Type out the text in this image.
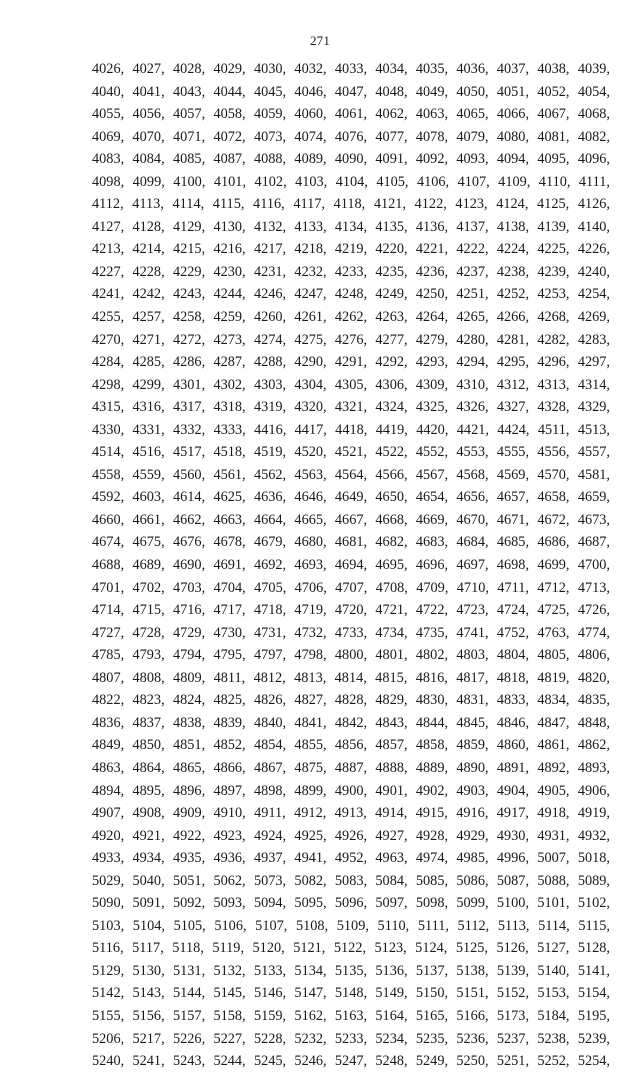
271
4026, 4027, 4028, 4029, 4030, 4032, 4033, 4034, 4035, 4036, 4037, 4038, 4039,
4040, 4041, 4043, 4044, 4045, 4046, 4047, 4048, 4049, 4050, 4051, 4052, 4054,
4055, 4056, 4057, 4058, 4059, 4060, 4061, 4062, 4063, 4065, 4066, 4067, 4068,
4069, 4070, 4071, 4072, 4073, 4074, 4076, 4077, 4078, 4079, 4080, 4081, 4082,
4083, 4084, 4085, 4087, 4088, 4089, 4090, 4091, 4092, 4093, 4094, 4095, 4096,
4098, 4099, 4100, 4101, 4102, 4103, 4104, 4105, 4106, 4107, 4109, 4110, 4111,
4112, 4113, 4114, 4115, 4116, 4117, 4118, 4121, 4122, 4123, 4124, 4125, 4126,
4127, 4128, 4129, 4130, 4132, 4133, 4134, 4135, 4136, 4137, 4138, 4139, 4140,
4213, 4214, 4215, 4216, 4217, 4218, 4219, 4220, 4221, 4222, 4224, 4225, 4226,
4227, 4228, 4229, 4230, 4231, 4232, 4233, 4235, 4236, 4237, 4238, 4239, 4240,
4241, 4242, 4243, 4244, 4246, 4247, 4248, 4249, 4250, 4251, 4252, 4253, 4254,
4255, 4257, 4258, 4259, 4260, 4261, 4262, 4263, 4264, 4265, 4266, 4268, 4269,
4270, 4271, 4272, 4273, 4274, 4275, 4276, 4277, 4279, 4280, 4281, 4282, 4283,
4284, 4285, 4286, 4287, 4288, 4290, 4291, 4292, 4293, 4294, 4295, 4296, 4297,
4298, 4299, 4301, 4302, 4303, 4304, 4305, 4306, 4309, 4310, 4312, 4313, 4314,
4315, 4316, 4317, 4318, 4319, 4320, 4321, 4324, 4325, 4326, 4327, 4328, 4329,
4330, 4331, 4332, 4333, 4416, 4417, 4418, 4419, 4420, 4421, 4424, 4511, 4513,
4514, 4516, 4517, 4518, 4519, 4520, 4521, 4522, 4552, 4553, 4555, 4556, 4557,
4558, 4559, 4560, 4561, 4562, 4563, 4564, 4566, 4567, 4568, 4569, 4570, 4581,
4592, 4603, 4614, 4625, 4636, 4646, 4649, 4650, 4654, 4656, 4657, 4658, 4659,
4660, 4661, 4662, 4663, 4664, 4665, 4667, 4668, 4669, 4670, 4671, 4672, 4673,
4674, 4675, 4676, 4678, 4679, 4680, 4681, 4682, 4683, 4684, 4685, 4686, 4687,
4688, 4689, 4690, 4691, 4692, 4693, 4694, 4695, 4696, 4697, 4698, 4699, 4700,
4701, 4702, 4703, 4704, 4705, 4706, 4707, 4708, 4709, 4710, 4711, 4712, 4713,
4714, 4715, 4716, 4717, 4718, 4719, 4720, 4721, 4722, 4723, 4724, 4725, 4726,
4727, 4728, 4729, 4730, 4731, 4732, 4733, 4734, 4735, 4741, 4752, 4763, 4774,
4785, 4793, 4794, 4795, 4797, 4798, 4800, 4801, 4802, 4803, 4804, 4805, 4806,
4807, 4808, 4809, 4811, 4812, 4813, 4814, 4815, 4816, 4817, 4818, 4819, 4820,
4822, 4823, 4824, 4825, 4826, 4827, 4828, 4829, 4830, 4831, 4833, 4834, 4835,
4836, 4837, 4838, 4839, 4840, 4841, 4842, 4843, 4844, 4845, 4846, 4847, 4848,
4849, 4850, 4851, 4852, 4854, 4855, 4856, 4857, 4858, 4859, 4860, 4861, 4862,
4863, 4864, 4865, 4866, 4867, 4875, 4887, 4888, 4889, 4890, 4891, 4892, 4893,
4894, 4895, 4896, 4897, 4898, 4899, 4900, 4901, 4902, 4903, 4904, 4905, 4906,
4907, 4908, 4909, 4910, 4911, 4912, 4913, 4914, 4915, 4916, 4917, 4918, 4919,
4920, 4921, 4922, 4923, 4924, 4925, 4926, 4927, 4928, 4929, 4930, 4931, 4932,
4933, 4934, 4935, 4936, 4937, 4941, 4952, 4963, 4974, 4985, 4996, 5007, 5018,
5029, 5040, 5051, 5062, 5073, 5082, 5083, 5084, 5085, 5086, 5087, 5088, 5089,
5090, 5091, 5092, 5093, 5094, 5095, 5096, 5097, 5098, 5099, 5100, 5101, 5102,
5103, 5104, 5105, 5106, 5107, 5108, 5109, 5110, 5111, 5112, 5113, 5114, 5115,
5116, 5117, 5118, 5119, 5120, 5121, 5122, 5123, 5124, 5125, 5126, 5127, 5128,
5129, 5130, 5131, 5132, 5133, 5134, 5135, 5136, 5137, 5138, 5139, 5140, 5141,
5142, 5143, 5144, 5145, 5146, 5147, 5148, 5149, 5150, 5151, 5152, 5153, 5154,
5155, 5156, 5157, 5158, 5159, 5162, 5163, 5164, 5165, 5166, 5173, 5184, 5195,
5206, 5217, 5226, 5227, 5228, 5232, 5233, 5234, 5235, 5236, 5237, 5238, 5239,
5240, 5241, 5243, 5244, 5245, 5246, 5247, 5248, 5249, 5250, 5251, 5252, 5254,
